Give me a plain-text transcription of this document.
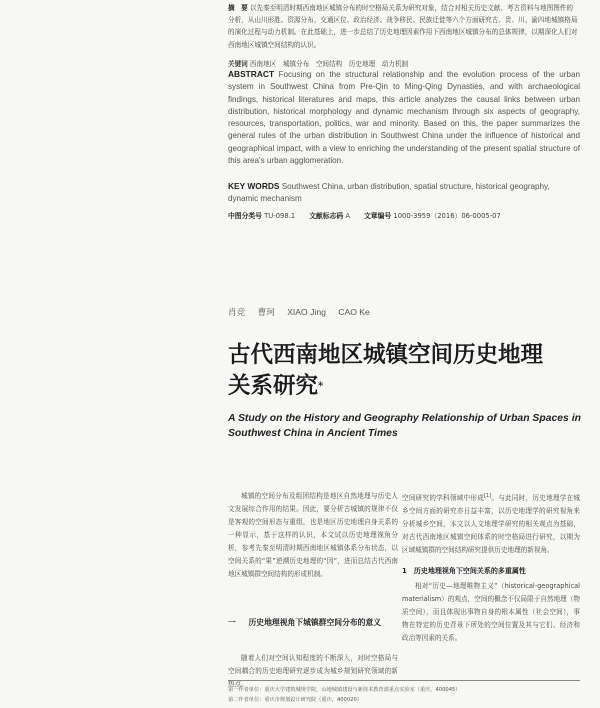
摘　要 以先秦至明清时期西南地区城镇分布的时空格局关系为研究对象，结合对相关历史文献、考古资料与地图图件的分析，从山川形胜、资源分布、交通区位、政治经济、战争移民、民族迁徙等六个方面研究古、贵、川、渝四地城镇格局的演化过程与动力机制。在此基础上，进一步总结了历史地理因素作用下西南地区城镇分布的总体规律，以期深化人们对西南地区城镇空间结构的认识。
关键词 西南地区　城镇分布　空间结构　历史地理　动力机制
ABSTRACT Focusing on the structural relationship and the evolution process of the urban system in Southwest China from Pre-Qin to Ming-Qing Dynasties, and with archaeological findings, historical literatures and maps, this article analyzes the causal links between urban distribution, historical morphology and dynamic mechanism through six aspects of geography, resources, transportation, politics, war and minority. Based on this, the paper summarizes the general rules of the urban distribution in Southwest China under the influence of historical and geographical impact, with a view to enriching the understanding of the present spatial structure of this area's urban agglomeration.
KEY WORDS Southwest China, urban distribution, spatial structure, historical geography, dynamic mechanism
中图分类号 TU-098.1 文献标志码 A 文章编号 1000-3959（2016）06-0005-07
肖竞 曹珂 XIAO Jing CAO Ke
古代西南地区城镇空间历史地理
关系研究*
A Study on the History and Geography Relationship of Urban Spaces in Southwest China in Ancient Times
城镇的空间分布及组团结构是地区自然地理与历史人文发展综合作用的结果。因此，要分析古城镇的规律不仅是客观的空间形态与重组，也是地区历史地理自身关系的一种显示，基于这样的认识，本文试以历史地理视角分析，参考先秦至明清时期西南地区城镇体系分布状态，以空间关系的“果”逆溯历史地理的“因”，进而总结古代西南地区城镇群空间结构的形成机制。
空间研究的学科领域中形成[1]。与此同时，历史地理学在城乡空间方面的研究亦日益丰富，以历史地理学的研究视角来分析城乡空间，本文以人文地理学研究的相关观点为基础，对古代西南地区城镇空间体系的时空格局进行研究，以期为区域城镇群的空间结构研究提供历史地理的新视角。
一 历史地理视角下城镇群空间分布的意义
随着人们对空间认知程度的不断深入，对时空格局与空间耦合的历史地理研究逐步成为城乡规划研究领域的新热点。
1　历史地理视角下空间关系的多重属性
相对“历史—地理唯物主义”（historical-geographical materialism）的观点，空间的概念不仅局限于自然地理（物质空间），而且体现出事物自身的根本属性（社会空间），事物在特定的历史背景下所处的空间位置及其与它们、经济和政治等因素的关系。
第一作者单位：重庆大学建筑城规学院，山地城镇建设与新技术教育部重点实验室（重庆，400045）
第二作者单位：重庆市规划设计研究院（重庆，400020）
